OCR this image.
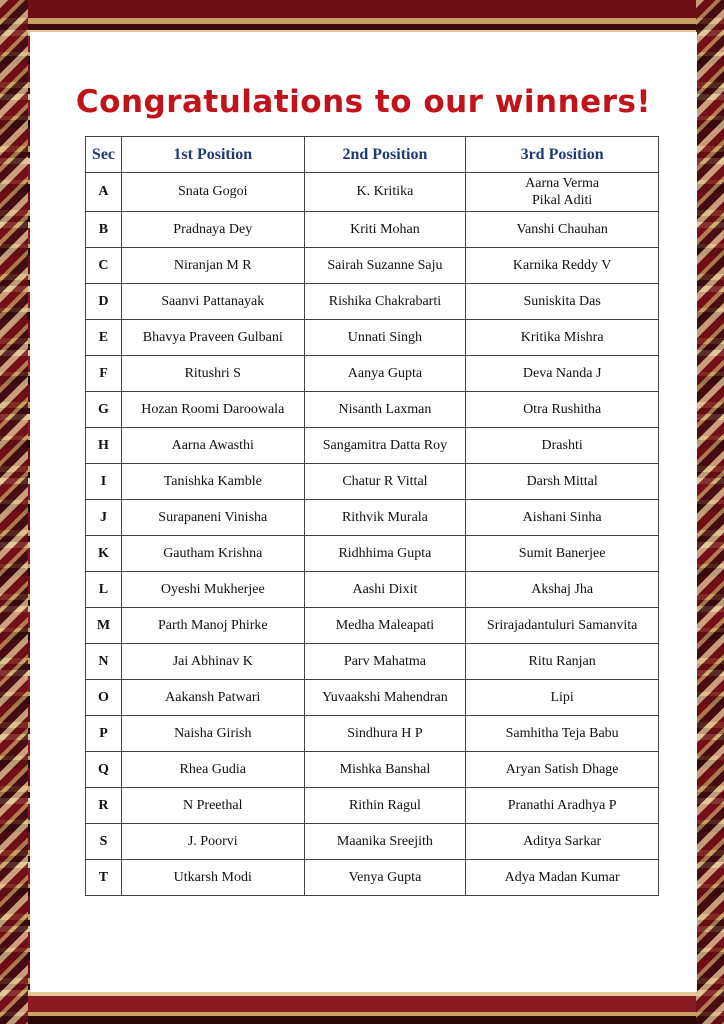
Congratulations to our winners!
Sec	1st Position	2nd Position	3rd Position
A	Snata Gogoi	K. Kritika	Aarna Verma
Pikal Aditi

B	Pradnaya Dey	Kriti Mohan	Vanshi Chauhan

C	Niranjan M R	Sairah Suzanne Saju	Karnika Reddy V

D	Saanvi Pattanayak	Rishika Chakrabarti	Suniskita Das

E	Bhavya Praveen Gulbani	Unnati Singh	Kritika Mishra

F	Ritushri S	Aanya Gupta	Deva Nanda J

G	Hozan Roomi Daroowala	Nisanth Laxman	Otra Rushitha

H	Aarna Awasthi	Sangamitra Datta Roy	Drashti

I	Tanishka Kamble	Chatur R Vittal	Darsh Mittal

J	Surapaneni Vinisha	Rithvik Murala	Aishani Sinha

K	Gautham Krishna	Ridhhima Gupta	Sumit Banerjee

L	Oyeshi Mukherjee	Aashi Dixit	Akshaj Jha

M	Parth Manoj Phirke	Medha Maleapati	Srirajadantuluri Samanvita

N	Jai Abhinav K	Parv Mahatma	Ritu Ranjan

O	Aakansh Patwari	Yuvaakshi Mahendran	Lipi

P	Naisha Girish	Sindhura H P	Samhitha Teja Babu

Q	Rhea Gudia	Mishka Banshal	Aryan Satish Dhage

R	N Preethal	Rithin Ragul	Pranathi Aradhya P

S	J. Poorvi	Maanika Sreejith	Aditya Sarkar

T	Utkarsh Modi	Venya Gupta	Adya Madan Kumar
